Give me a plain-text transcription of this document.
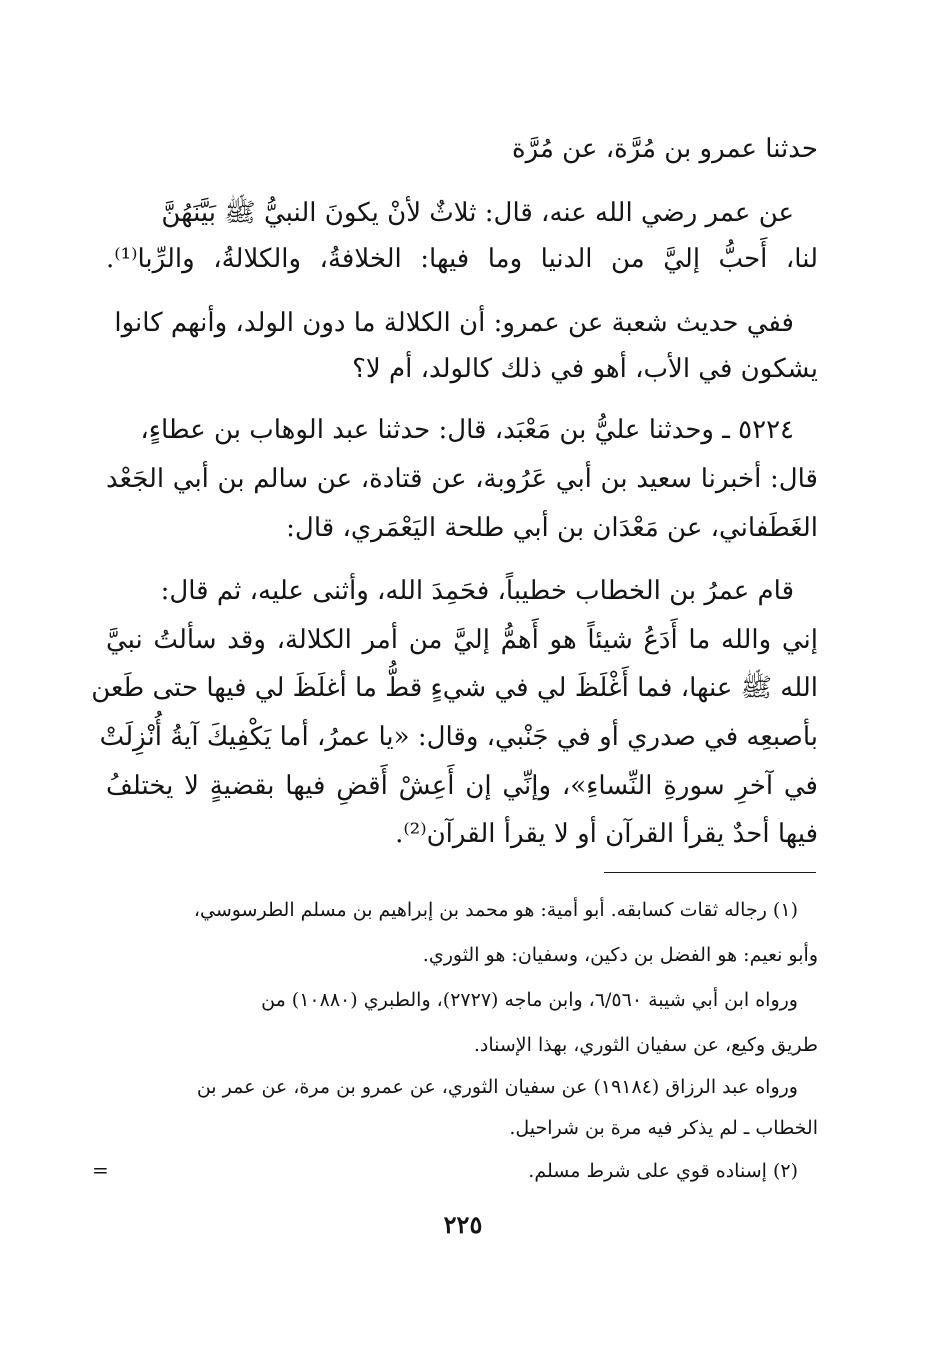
حدثنا عمرو بن مُرَّة، عن مُرَّة
عن عمر رضي الله عنه، قال: ثلاثٌ لأنْ يكونَ النبيُّ ﷺ بَيَّنَهُنَّ
لنا، أَحبُّ إليَّ من الدنيا وما فيها: الخلافةُ، والكلالةُ، والرِّبا⁽¹⁾.
ففي حديث شعبة عن عمرو: أن الكلالة ما دون الولد، وأنهم كانوا
يشكون في الأب، أهو في ذلك كالولد، أم لا؟
٥٢٢٤ ـ وحدثنا عليُّ بن مَعْبَد، قال: حدثنا عبد الوهاب بن عطاءٍ،
قال: أخبرنا سعيد بن أبي عَرُوبة، عن قتادة، عن سالم بن أبي الجَعْد
الغَطَفاني، عن مَعْدَان بن أبي طلحة اليَعْمَري، قال:
قام عمرُ بن الخطاب خطيباً، فحَمِدَ الله، وأثنى عليه، ثم قال:
إني والله ما أَدَعُ شيئاً هو أَهمُّ إليَّ من أمر الكلالة، وقد سألتُ نبيَّ
الله ﷺ عنها، فما أَغْلَظَ لي في شيءٍ قطُّ ما أغلَظَ لي فيها حتى طَعن
بأصبعِه في صدري أو في جَنْبي، وقال: «يا عمرُ، أما يَكْفِيكَ آيةُ أُنْزِلَتْ
في آخرِ سورةِ النِّساءِ»، وإنِّي إن أَعِشْ أَقضِ فيها بقضيةٍ لا يختلفُ
فيها أحدٌ يقرأ القرآن أو لا يقرأ القرآن⁽²⁾.
(١) رجاله ثقات كسابقه. أبو أمية: هو محمد بن إبراهيم بن مسلم الطرسوسي،
وأبو نعيم: هو الفضل بن دكين، وسفيان: هو الثوري.
ورواه ابن أبي شيبة ٦/٥٦٠، وابن ماجه (٢٧٢٧)، والطبري (١٠٨٨٠) من
طريق وكيع، عن سفيان الثوري، بهذا الإسناد.
ورواه عبد الرزاق (١٩١٨٤) عن سفيان الثوري، عن عمرو بن مرة، عن عمر بن
الخطاب ـ لم يذكر فيه مرة بن شراحيل.
(٢) إسناده قوي على شرط مسلم.
=
٢٢٥
